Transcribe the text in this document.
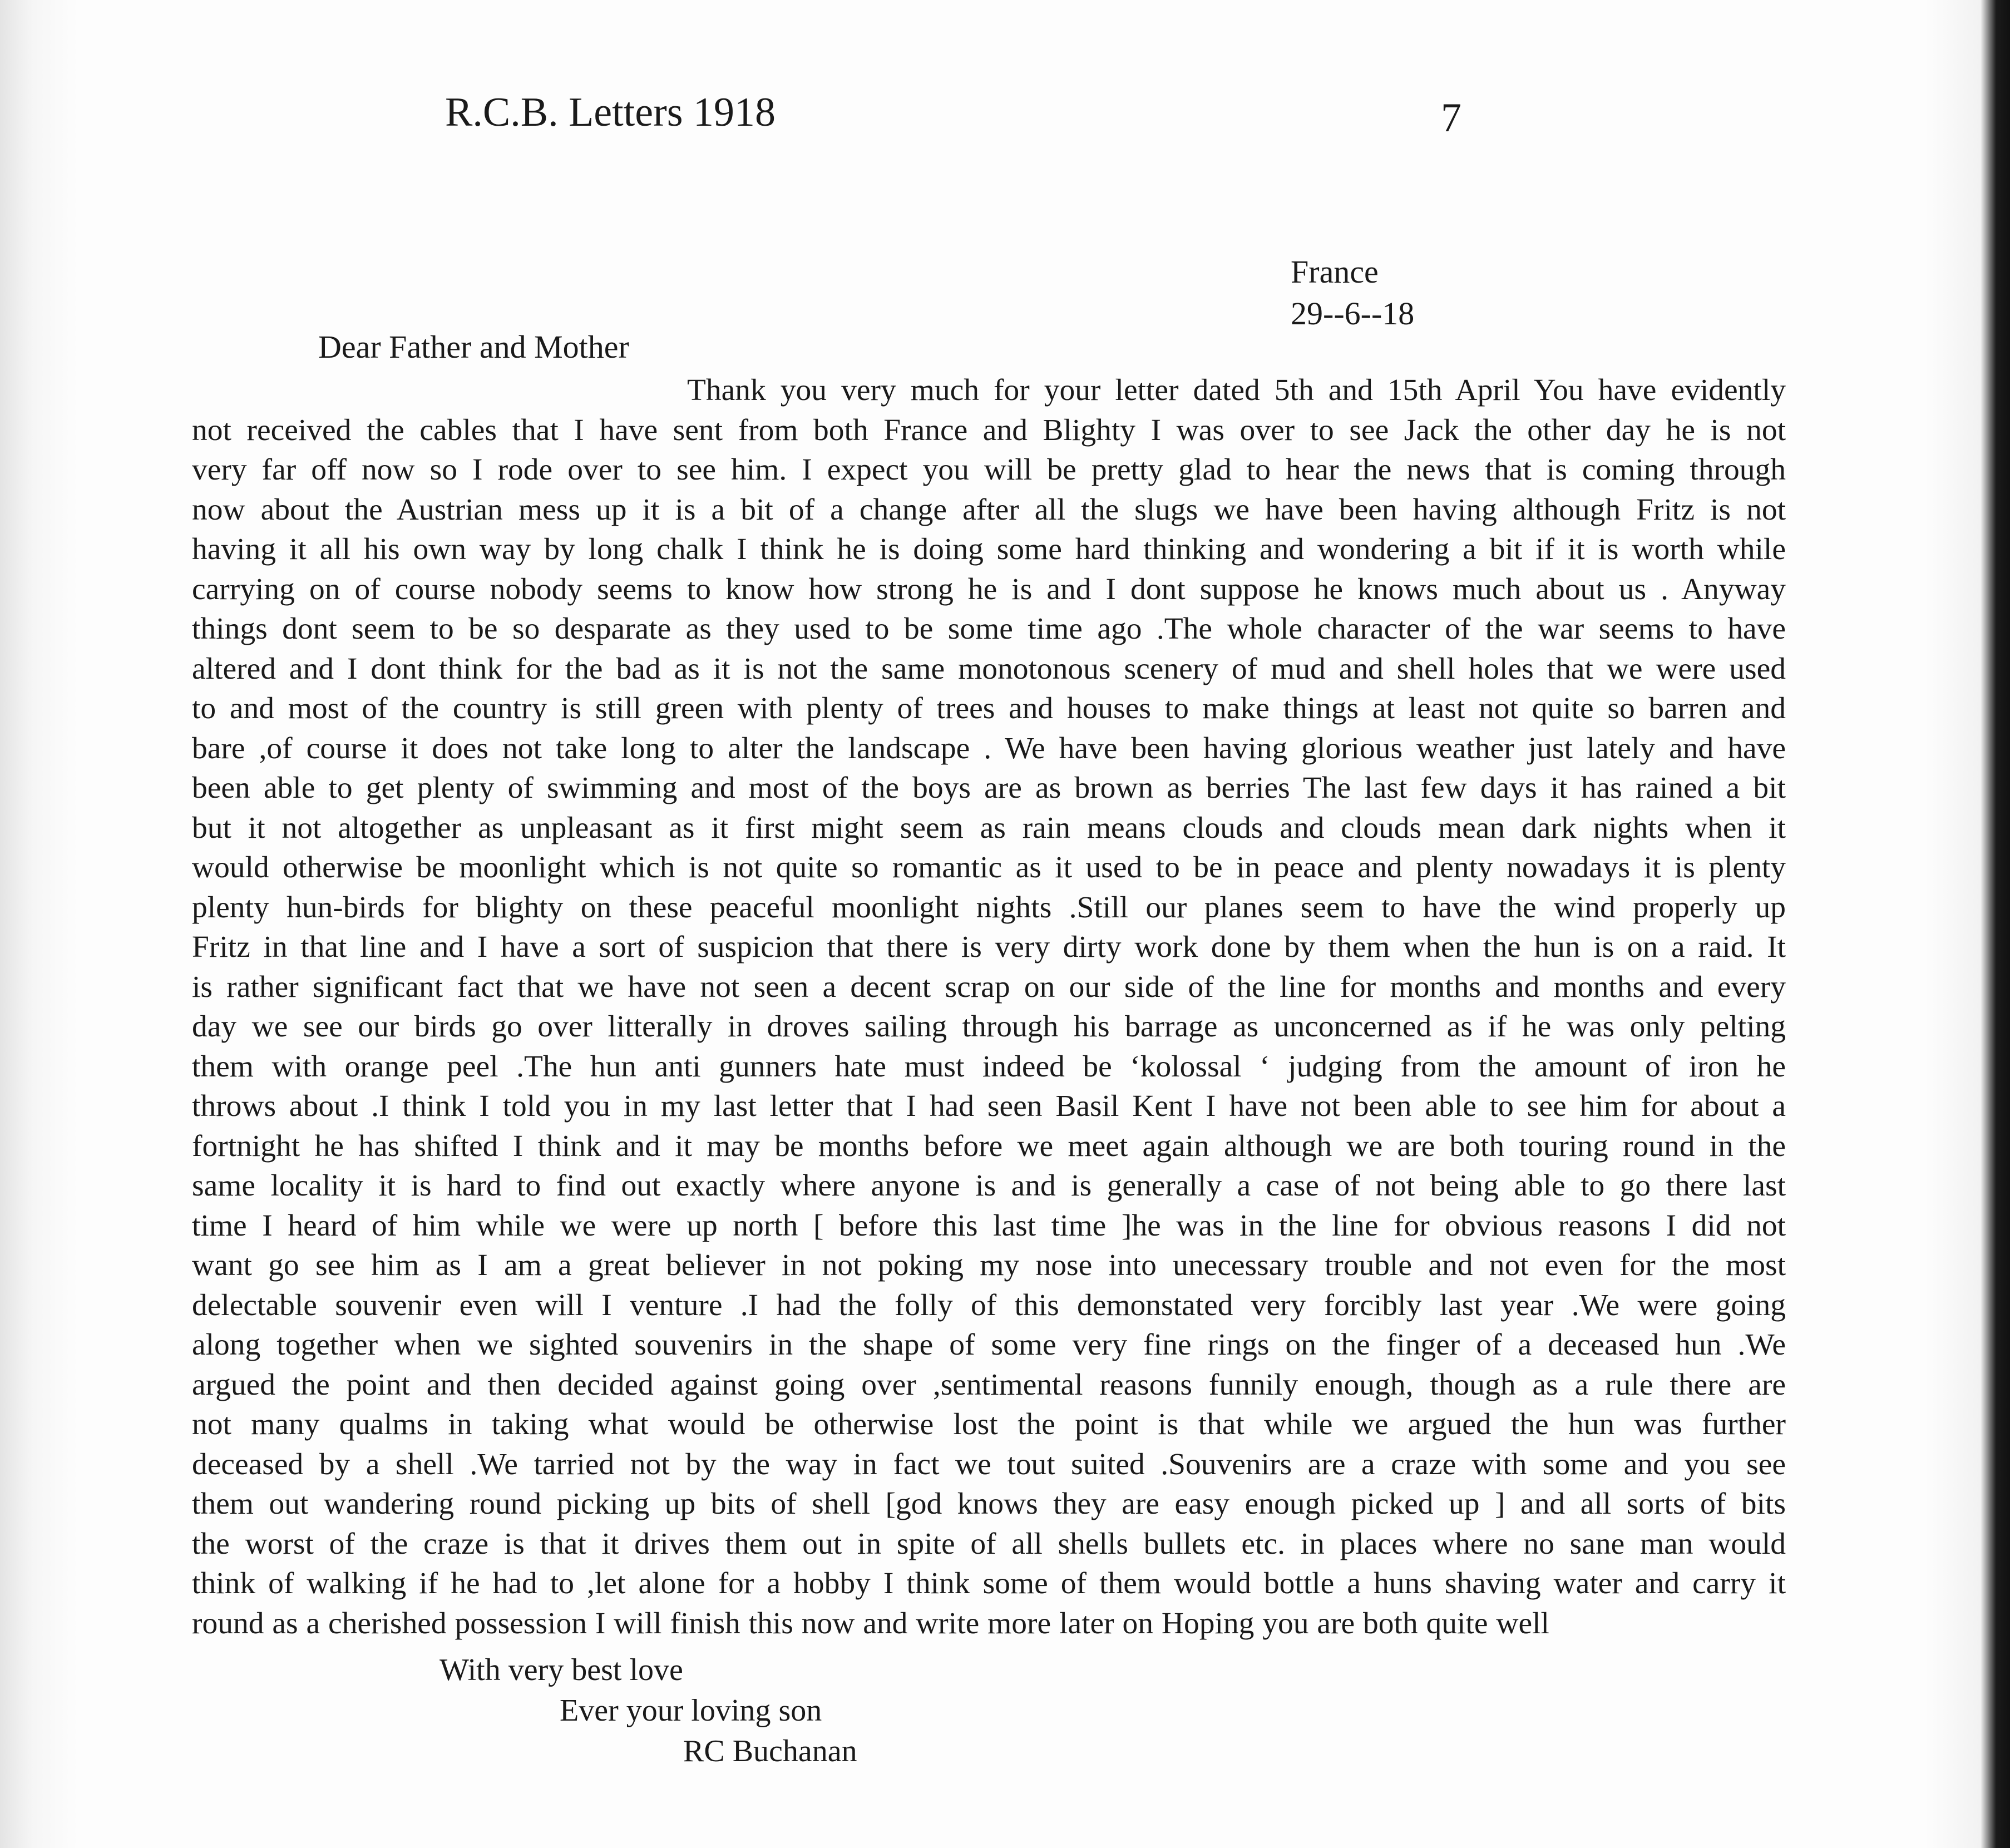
R.C.B. Letters 1918	7
France
29--6--18
Dear Father and Mother
Thank you very much for your letter dated 5th and 15th April You have evidently
not received the cables that I have sent from both France and Blighty I was over to see Jack the other day he is not
very far off now so I rode over to see him. I expect you will be pretty glad to hear the news that is coming through
now about the Austrian mess up it is a bit of a change after all the slugs we have been having although Fritz is not
having it all his own way by long chalk I think he is doing some hard thinking and wondering a bit if it is worth while
carrying on of course nobody seems to know how strong he is and I dont suppose he knows much about us . Anyway
things dont seem to be so desparate as they used to be some time ago .The whole character of the war seems to have
altered and I dont think for the bad as it is not the same monotonous scenery of mud and shell holes that we were used
to and most of the country is still green with plenty of trees and houses to make things at least not quite so barren and
bare ,of course it does not take long to alter the landscape . We have been having glorious weather just lately and have
been able to get plenty of swimming and most of the boys are as brown as berries The last few days it has rained a bit
but it not altogether as unpleasant as it first might seem as rain means clouds and clouds mean dark nights when it
would otherwise be moonlight which is not quite so romantic as it used to be in peace and plenty nowadays it is plenty
plenty hun-birds for blighty on these peaceful moonlight nights .Still our planes seem to have the wind properly up
Fritz in that line and I have a sort of suspicion that there is very dirty work done by them when the hun is on a raid. It
is rather significant fact that we have not seen a decent scrap on our side of the line for months and months and every
day we see our birds go over litterally in droves sailing through his barrage as unconcerned as if he was only pelting
them with orange peel .The hun anti gunners hate must indeed be ‘kolossal ‘ judging from the amount of iron he
throws about .I think I told you in my last letter that I had seen Basil Kent I have not been able to see him for about a
fortnight he has shifted I think and it may be months before we meet again although we are both touring round in the
same locality it is hard to find out exactly where anyone is and is generally a case of not being able to go there last
time I heard of him while we were up north [ before this last time ]he was in the line for obvious reasons I did not
want go see him as I am a great believer in not poking my nose into unecessary trouble and not even for the most
delectable souvenir even will I venture .I had the folly of this demonstated very forcibly last year .We were going
along together when we sighted souvenirs in the shape of some very fine rings on the finger of a deceased hun .We
argued the point and then decided against going over ,sentimental reasons funnily enough, though as a rule there are
not many qualms in taking what would be otherwise lost the point is that while we argued the hun was further
deceased by a shell .We tarried not by the way in fact we tout suited .Souvenirs are a craze with some and you see
them out wandering round picking up bits of shell [god knows they are easy enough picked up ] and all sorts of bits
the worst of the craze is that it drives them out in spite of all shells bullets etc. in places where no sane man would
think of walking if he had to ,let alone for a hobby I think some of them would bottle a huns shaving water and carry it
round as a cherished possession I will finish this now and write more later on Hoping you are both quite well
With very best love
Ever your loving son
RC Buchanan
